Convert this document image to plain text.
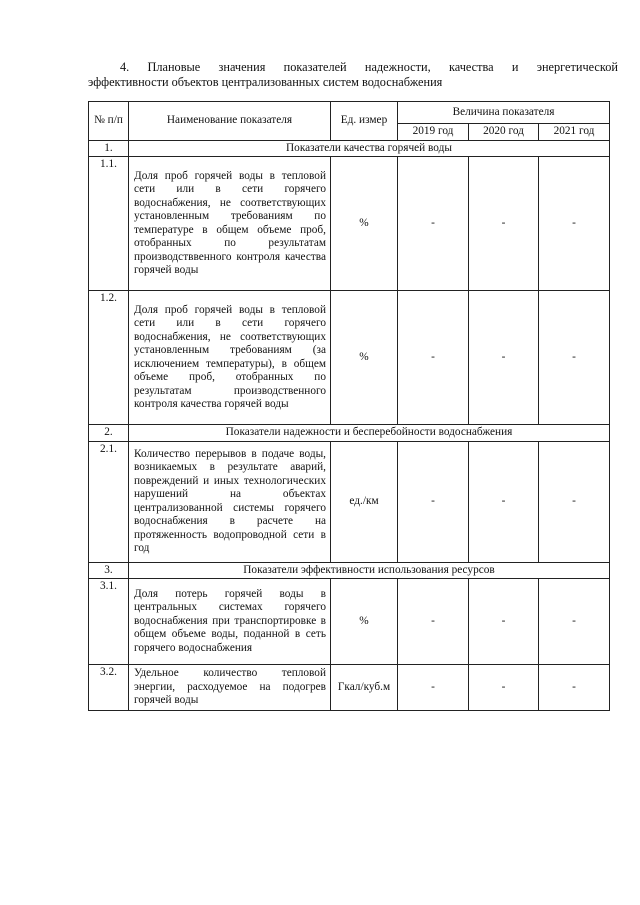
4. Плановые значения показателей надежности, качества и энергетической
эффективности объектов централизованных систем водоснабжения
№ п/п	Наименование показателя	Ед. измер	Величина показателя		
			2019 год	2020 год	2021 год
1.	Показатели качества горячей воды				
1.1.	Доля проб горячей воды в тепловой сети или в сети горячего водоснабжения, не соответствующих установленным требованиям по температуре в общем объеме проб, отобранных по результатам производстввенного контроля качества горячей воды	%	-	-	-
1.2.	Доля проб горячей воды в тепловой сети или в сети горячего водоснабжения, не соответствующих установленным требованиям (за исключением температуры), в общем объеме проб, отобранных по результатам производственного контроля качества горячей воды	%	-	-	-
2.	Показатели надежности и бесперебойности водоснабжения				
2.1.	Количество перерывов в подаче воды, возникаемых в результате аварий, повреждений и иных технологических нарушений на объектах централизованной системы горячего водоснабжения в расчете на протяженность водопроводной сети в год	ед./км	-	-	-
3.	Показатели эффективности использования ресурсов				
3.1.	Доля потерь горячей воды в центральных системах горячего водоснабжения при транспортировке в общем объеме воды, поданной в сеть горячего водоснабжения	%	-	-	-
3.2.	Удельное количество тепловой энергии, расходуемое на подогрев горячей воды	Гкал/куб.м	-	-	-
